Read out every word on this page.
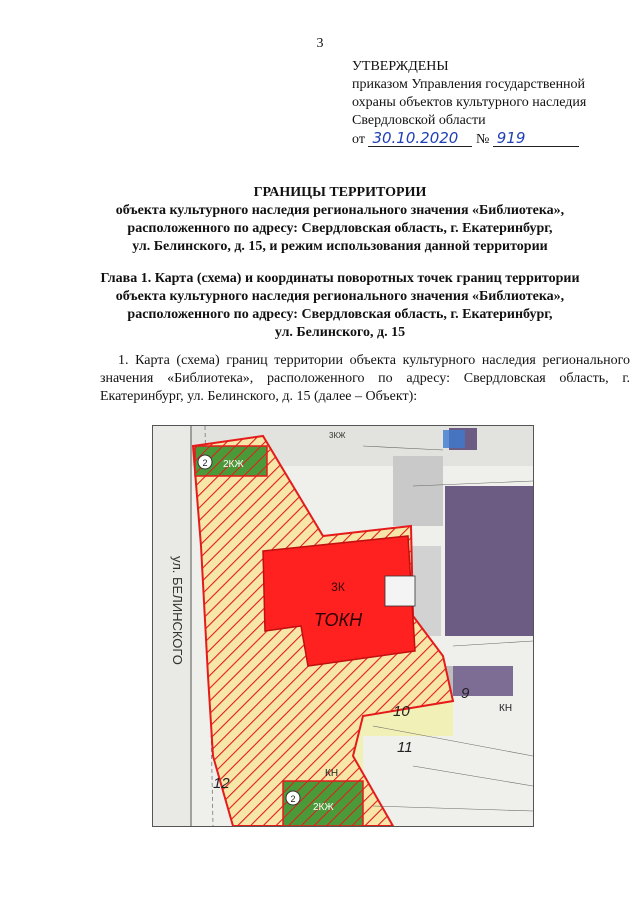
3
УТВЕРЖДЕНЫ
приказом Управления государственной
охраны объектов культурного наследия
Свердловской области
от 30.10.2020 № 919
ГРАНИЦЫ ТЕРРИТОРИИ
объекта культурного наследия регионального значения «Библиотека»,
расположенного по адресу: Свердловская область, г. Екатеринбург,
ул. Белинского, д. 15, и режим использования данной территории
Глава 1. Карта (схема) и координаты поворотных точек границ территории
объекта культурного наследия регионального значения «Библиотека»,
расположенного по адресу: Свердловская область, г. Екатеринбург,
ул. Белинского, д. 15

1. Карта (схема) границ территории объекта культурного наследия регионального значения «Библиотека», расположенного по адресу: Свердловская область, г. Екатеринбург, ул. Белинского, д. 15 (далее – Объект):

ул. БЕЛИНСКОГО	3К
ТОКН
2КЖ
2КЖ
2
2
КН
КН
3КЖ
9
10
11
12
